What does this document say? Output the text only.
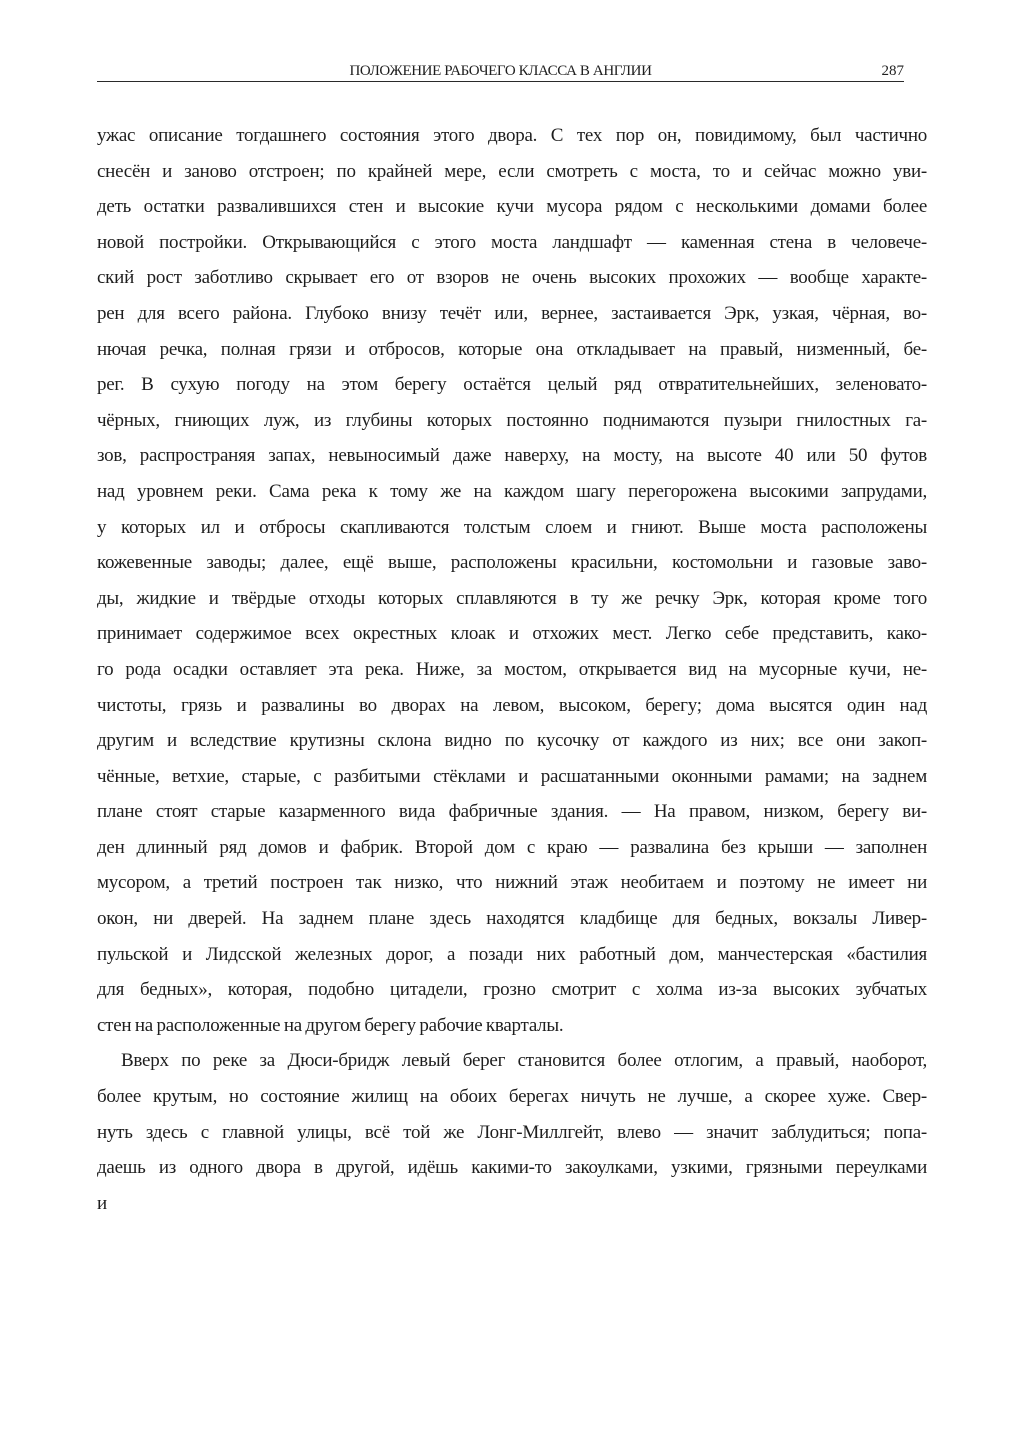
ПОЛОЖЕНИЕ РАБОЧЕГО КЛАССА В АНГЛИИ	287
ужас описание тогдашнего состояния этого двора. С тех пор он, повидимому, был частично
снесён и заново отстроен; по крайней мере, если смотреть с моста, то и сейчас можно уви-
деть остатки развалившихся стен и высокие кучи мусора рядом с несколькими домами более
новой постройки. Открывающийся с этого моста ландшафт — каменная стена в человече-
ский рост заботливо скрывает его от взоров не очень высоких прохожих — вообще характе-
рен для всего района. Глубоко внизу течёт или, вернее, застаивается Эрк, узкая, чёрная, во-
нючая речка, полная грязи и отбросов, которые она откладывает на правый, низменный, бе-
рег. В сухую погоду на этом берегу остаётся целый ряд отвратительнейших, зеленовато-
чёрных, гниющих луж, из глубины которых постоянно поднимаются пузыри гнилостных га-
зов, распространяя запах, невыносимый даже наверху, на мосту, на высоте 40 или 50 футов
над уровнем реки. Сама река к тому же на каждом шагу перегорожена высокими запрудами,
у которых ил и отбросы скапливаются толстым слоем и гниют. Выше моста расположены
кожевенные заводы; далее, ещё выше, расположены красильни, костомольни и газовые заво-
ды, жидкие и твёрдые отходы которых сплавляются в ту же речку Эрк, которая кроме того
принимает содержимое всех окрестных клоак и отхожих мест. Легко себе представить, како-
го рода осадки оставляет эта река. Ниже, за мостом, открывается вид на мусорные кучи, не-
чистоты, грязь и развалины во дворах на левом, высоком, берегу; дома высятся один над
другим и вследствие крутизны склона видно по кусочку от каждого из них; все они закоп-
чённые, ветхие, старые, с разбитыми стёклами и расшатанными оконными рамами; на заднем
плане стоят старые казарменного вида фабричные здания. — На правом, низком, берегу ви-
ден длинный ряд домов и фабрик. Второй дом с краю — развалина без крыши — заполнен
мусором, а третий построен так низко, что нижний этаж необитаем и поэтому не имеет ни
окон, ни дверей. На заднем плане здесь находятся кладбище для бедных, вокзалы Ливер-
пульской и Лидсской железных дорог, а позади них работный дом, манчестерская «бастилия
для бедных», которая, подобно цитадели, грозно смотрит с холма из-за высоких зубчатых
стен на расположенные на другом берегу рабочие кварталы.
Вверх по реке за Дюси-бридж левый берег становится более отлогим, а правый, наоборот,
более крутым, но состояние жилищ на обоих берегах ничуть не лучше, а скорее хуже. Свер-
нуть здесь с главной улицы, всё той же Лонг-Миллгейт, влево — значит заблудиться; попа-
даешь из одного двора в другой, идёшь какими-то закоулками, узкими, грязными переулками
и
